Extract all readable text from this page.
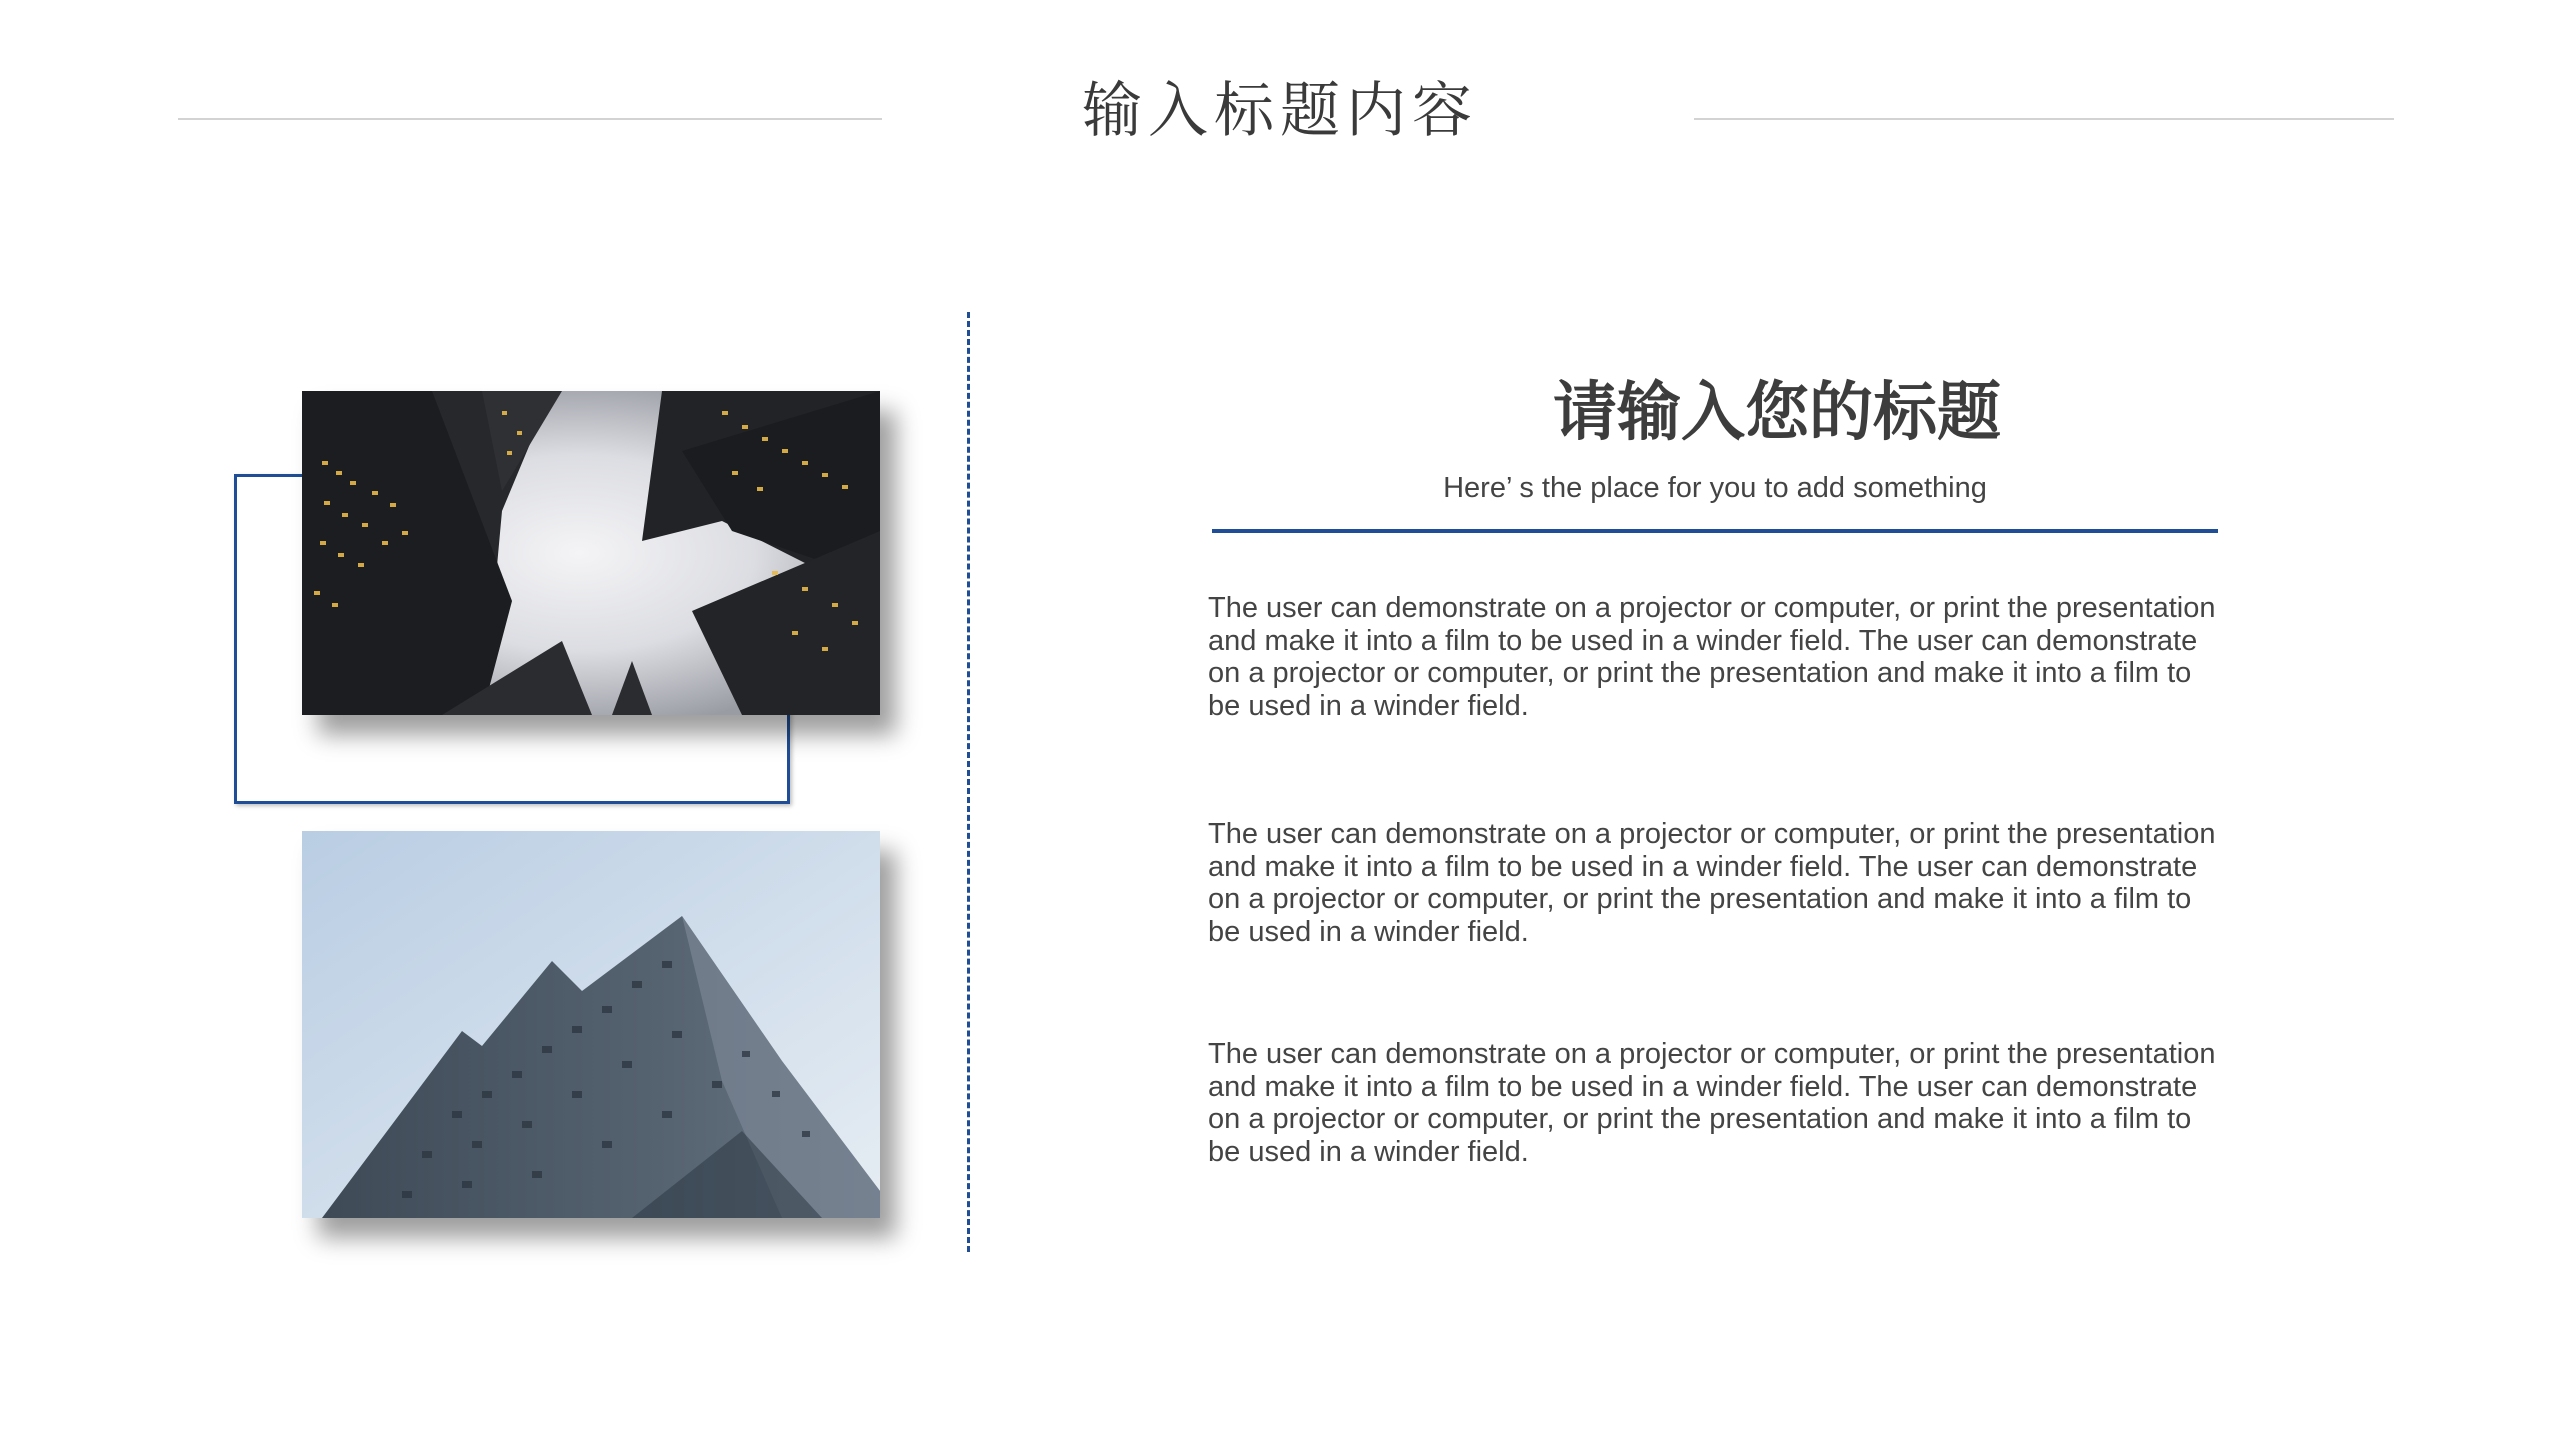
输入标题内容
请输入您的标题
Here’ s the place for you to add something
The user can demonstrate on a projector or computer, or print the presentation and make it into a film to be used in a winder field. The user can demonstrate on a projector or computer, or print the presentation and make it into a film to be used in a winder field.
The user can demonstrate on a projector or computer, or print the presentation and make it into a film to be used in a winder field. The user can demonstrate on a projector or computer, or print the presentation and make it into a film to be used in a winder field.
The user can demonstrate on a projector or computer, or print the presentation and make it into a film to be used in a winder field. The user can demonstrate on a projector or computer, or print the presentation and make it into a film to be used in a winder field.
